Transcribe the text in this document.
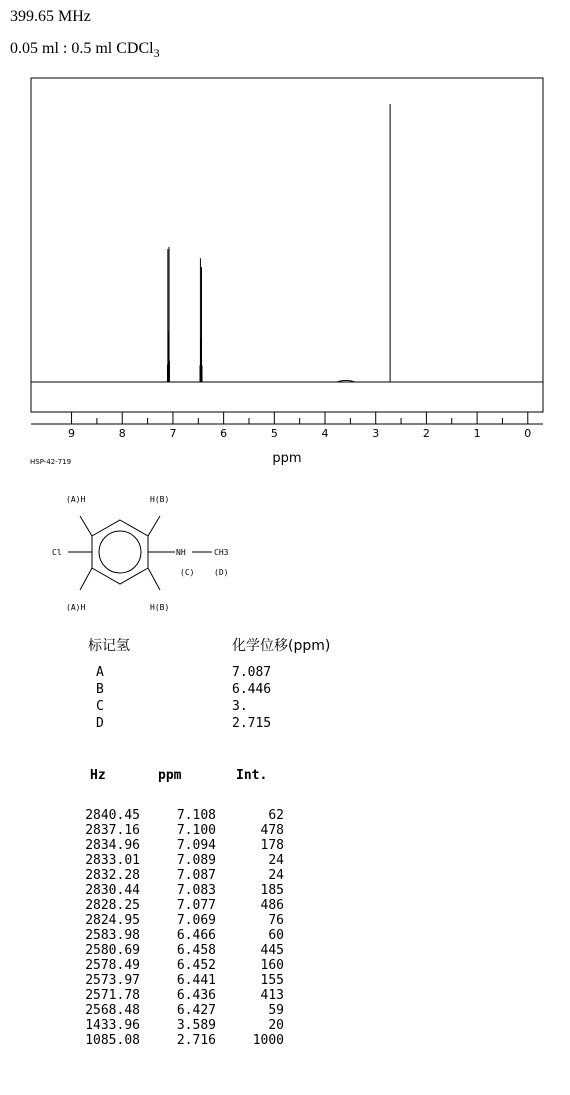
399.65 MHz
0.05 ml : 0.5 ml CDCl$_3$
9	8	7	6	5	4	3	2	1	0
ppm
HSP-42-719
(A)H	H(B)
Cl	NH	CH3
(C) (D)
(A)H	H(B)
标记氢	化学位移(ppm)
A	7.087
B	6.446
C	3.
D	2.715
Hz	ppm	Int.
2840.45	7.108	62
2837.16	7.100	478
2834.96	7.094	178
2833.01	7.089	24
2832.28	7.087	24
2830.44	7.083	185
2828.25	7.077	486
2824.95	7.069	76
2583.98	6.466	60
2580.69	6.458	445
2578.49	6.452	160
2573.97	6.441	155
2571.78	6.436	413
2568.48	6.427	59
1433.96	3.589	20
1085.08	2.716	1000
